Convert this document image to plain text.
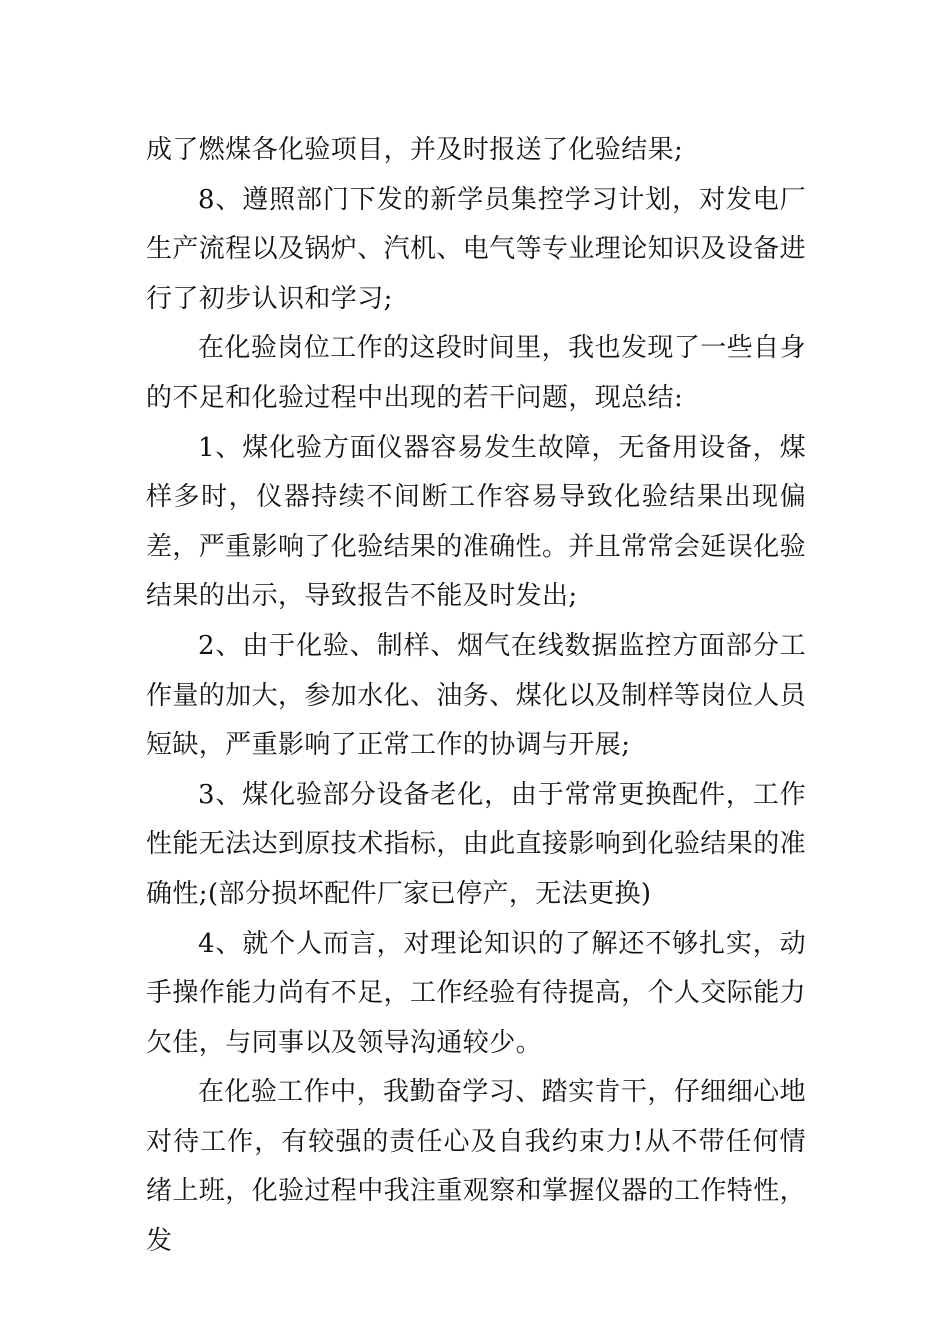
成了燃煤各化验项目，并及时报送了化验结果;

8、遵照部门下发的新学员集控学习计划，对发电厂生产流程以及锅炉、汽机、电气等专业理论知识及设备进行了初步认识和学习;

在化验岗位工作的这段时间里，我也发现了一些自身的不足和化验过程中出现的若干问题，现总结:

1、煤化验方面仪器容易发生故障，无备用设备，煤样多时，仪器持续不间断工作容易导致化验结果出现偏差，严重影响了化验结果的准确性。并且常常会延误化验结果的出示，导致报告不能及时发出;

2、由于化验、制样、烟气在线数据监控方面部分工作量的加大，参加水化、油务、煤化以及制样等岗位人员短缺，严重影响了正常工作的协调与开展;

3、煤化验部分设备老化，由于常常更换配件，工作性能无法达到原技术指标，由此直接影响到化验结果的准确性;(部分损坏配件厂家已停产，无法更换)

4、就个人而言，对理论知识的了解还不够扎实，动手操作能力尚有不足，工作经验有待提高，个人交际能力欠佳，与同事以及领导沟通较少。

在化验工作中，我勤奋学习、踏实肯干，仔细细心地对待工作，有较强的责任心及自我约束力!从不带任何情绪上班，化验过程中我注重观察和掌握仪器的工作特性，发
